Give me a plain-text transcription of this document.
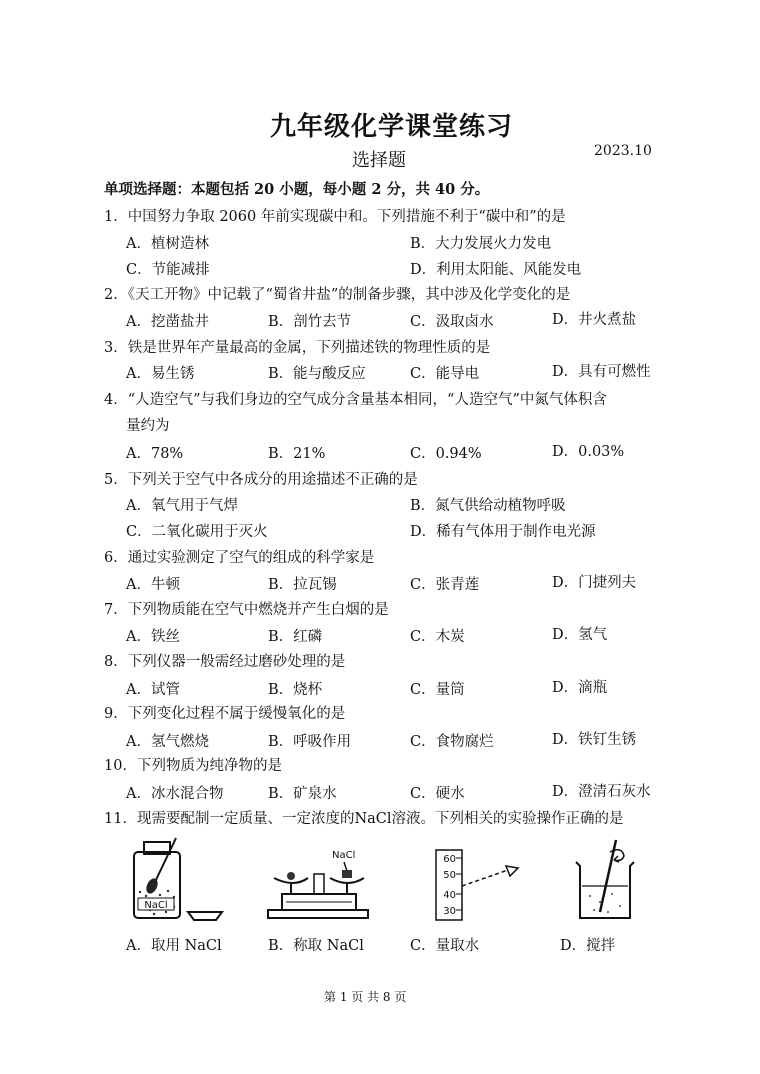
九年级化学课堂练习
选择题	2023.10
单项选择题：本题包括 20 小题，每小题 2 分，共 40 分。
1．中国努力争取 2060 年前实现碳中和。下列措施不利于“碳中和”的是
A．植树造林	B．大力发展火力发电
C．节能减排	D．利用太阳能、风能发电
2．《天工开物》中记载了“蜀省井盐”的制备步骤，其中涉及化学变化的是
A．挖凿盐井	B．剖竹去节	C．汲取卤水	D．井火煮盐
3．铁是世界年产量最高的金属，下列描述铁的物理性质的是
A．易生锈	B．能与酸反应	C．能导电	D．具有可燃性
4．“人造空气”与我们身边的空气成分含量基本相同，“人造空气”中氮气体积含
量约为
A．78%	B．21%	C．0.94%	D．0.03%
5．下列关于空气中各成分的用途描述不正确的是
A．氧气用于气焊	B．氮气供给动植物呼吸
C．二氧化碳用于灭火	D．稀有气体用于制作电光源
6．通过实验测定了空气的组成的科学家是
A．牛顿	B．拉瓦锡	C．张青莲	D．门捷列夫
7．下列物质能在空气中燃烧并产生白烟的是
A．铁丝	B．红磷	C．木炭	D．氢气
8．下列仪器一般需经过磨砂处理的是
A．试管	B．烧杯	C．量筒	D．滴瓶
9．下列变化过程不属于缓慢氧化的是
A．氢气燃烧	B．呼吸作用	C．食物腐烂	D．铁钉生锈
10．下列物质为纯净物的是
A．冰水混合物	B．矿泉水	C．硬水	D．澄清石灰水
11．现需要配制一定质量、一定浓度的NaCl溶液。下列相关的实验操作正确的是
NaCl
NaCl	60
50
40
30
A．取用 NaCl	B．称取 NaCl	C．量取水	D．搅拌
第 1 页 共 8 页
